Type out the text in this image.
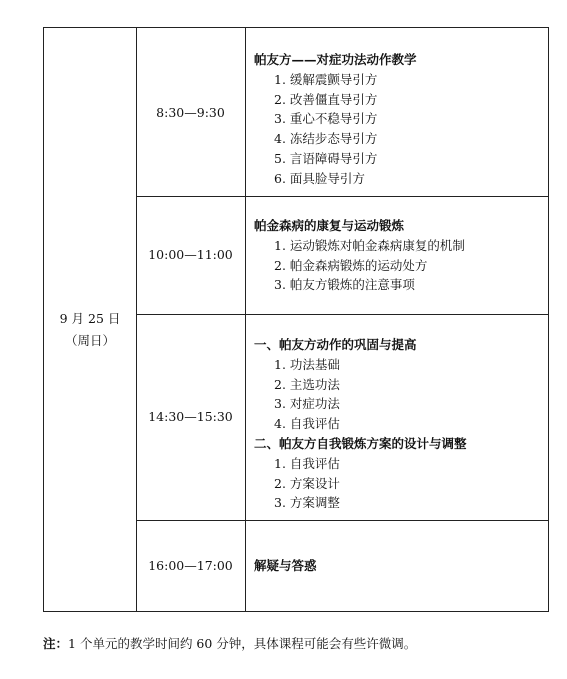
9 月 25 日
（周日）
8:30—9:30
帕友方——对症功法动作教学
1. 缓解震颤导引方
2. 改善僵直导引方
3. 重心不稳导引方
4. 冻结步态导引方
5. 言语障碍导引方
6. 面具脸导引方
10:00—11:00
帕金森病的康复与运动锻炼
1. 运动锻炼对帕金森病康复的机制
2. 帕金森病锻炼的运动处方
3. 帕友方锻炼的注意事项
14:30—15:30
一、帕友方动作的巩固与提高
1. 功法基础
2. 主选功法
3. 对症功法
4. 自我评估
二、帕友方自我锻炼方案的设计与调整
1. 自我评估
2. 方案设计
3. 方案调整
16:00—17:00	解疑与答惑
注：1 个单元的教学时间约 60 分钟，具体课程可能会有些许微调。
